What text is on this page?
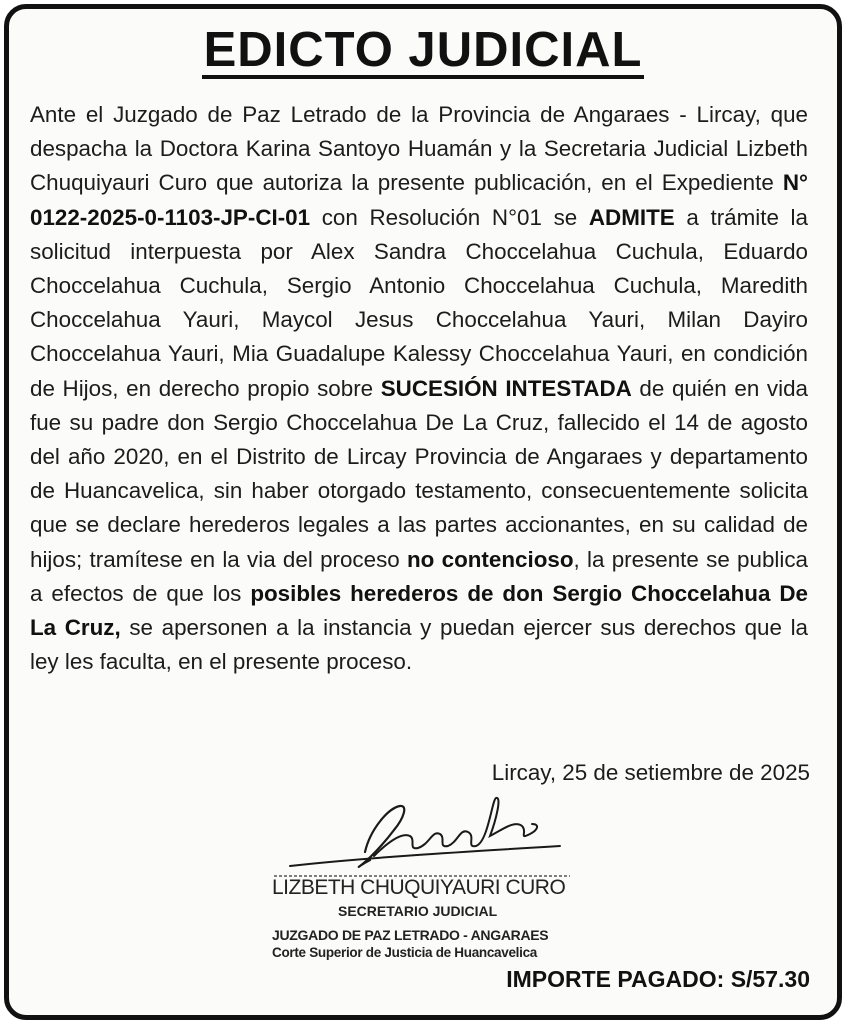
EDICTO JUDICIAL
Ante el Juzgado de Paz Letrado de la Provincia de Angaraes - Lircay, que despacha la Doctora Karina Santoyo Huamán y la Secretaria Judicial Lizbeth Chuquiyauri Curo que autoriza la presente publicación, en el Expediente N° 0122-2025-0-1103-JP-CI-01 con Resolución N°01 se ADMITE a trámite la solicitud interpuesta por Alex Sandra Choccelahua Cuchula, Eduardo Choccelahua Cuchula, Sergio Antonio Choccelahua Cuchula, Maredith Choccelahua Yauri, Maycol Jesus Choccelahua Yauri, Milan Dayiro Choccelahua Yauri, Mia Guadalupe Kalessy Choccelahua Yauri, en condición de Hijos, en derecho propio sobre SUCESIÓN INTESTADA de quién en vida fue su padre don Sergio Choccelahua De La Cruz, fallecido el 14 de agosto del año 2020, en el Distrito de Lircay Provincia de Angaraes y departamento de Huancavelica, sin haber otorgado testamento, consecuentemente solicita que se declare herederos legales a las partes accionantes, en su calidad de hijos; tramítese en la via del proceso no contencioso, la presente se publica a efectos de que los posibles herederos de don Sergio Choccelahua De La Cruz, se apersonen a la instancia y puedan ejercer sus derechos que la ley les faculta, en el presente proceso.
Lircay, 25 de setiembre de 2025
LIZBETH CHUQUIYAURI CURO
SECRETARIO JUDICIAL
JUZGADO DE PAZ LETRADO - ANGARAES
Corte Superior de Justicia de Huancavelica
IMPORTE PAGADO: S/57.30
